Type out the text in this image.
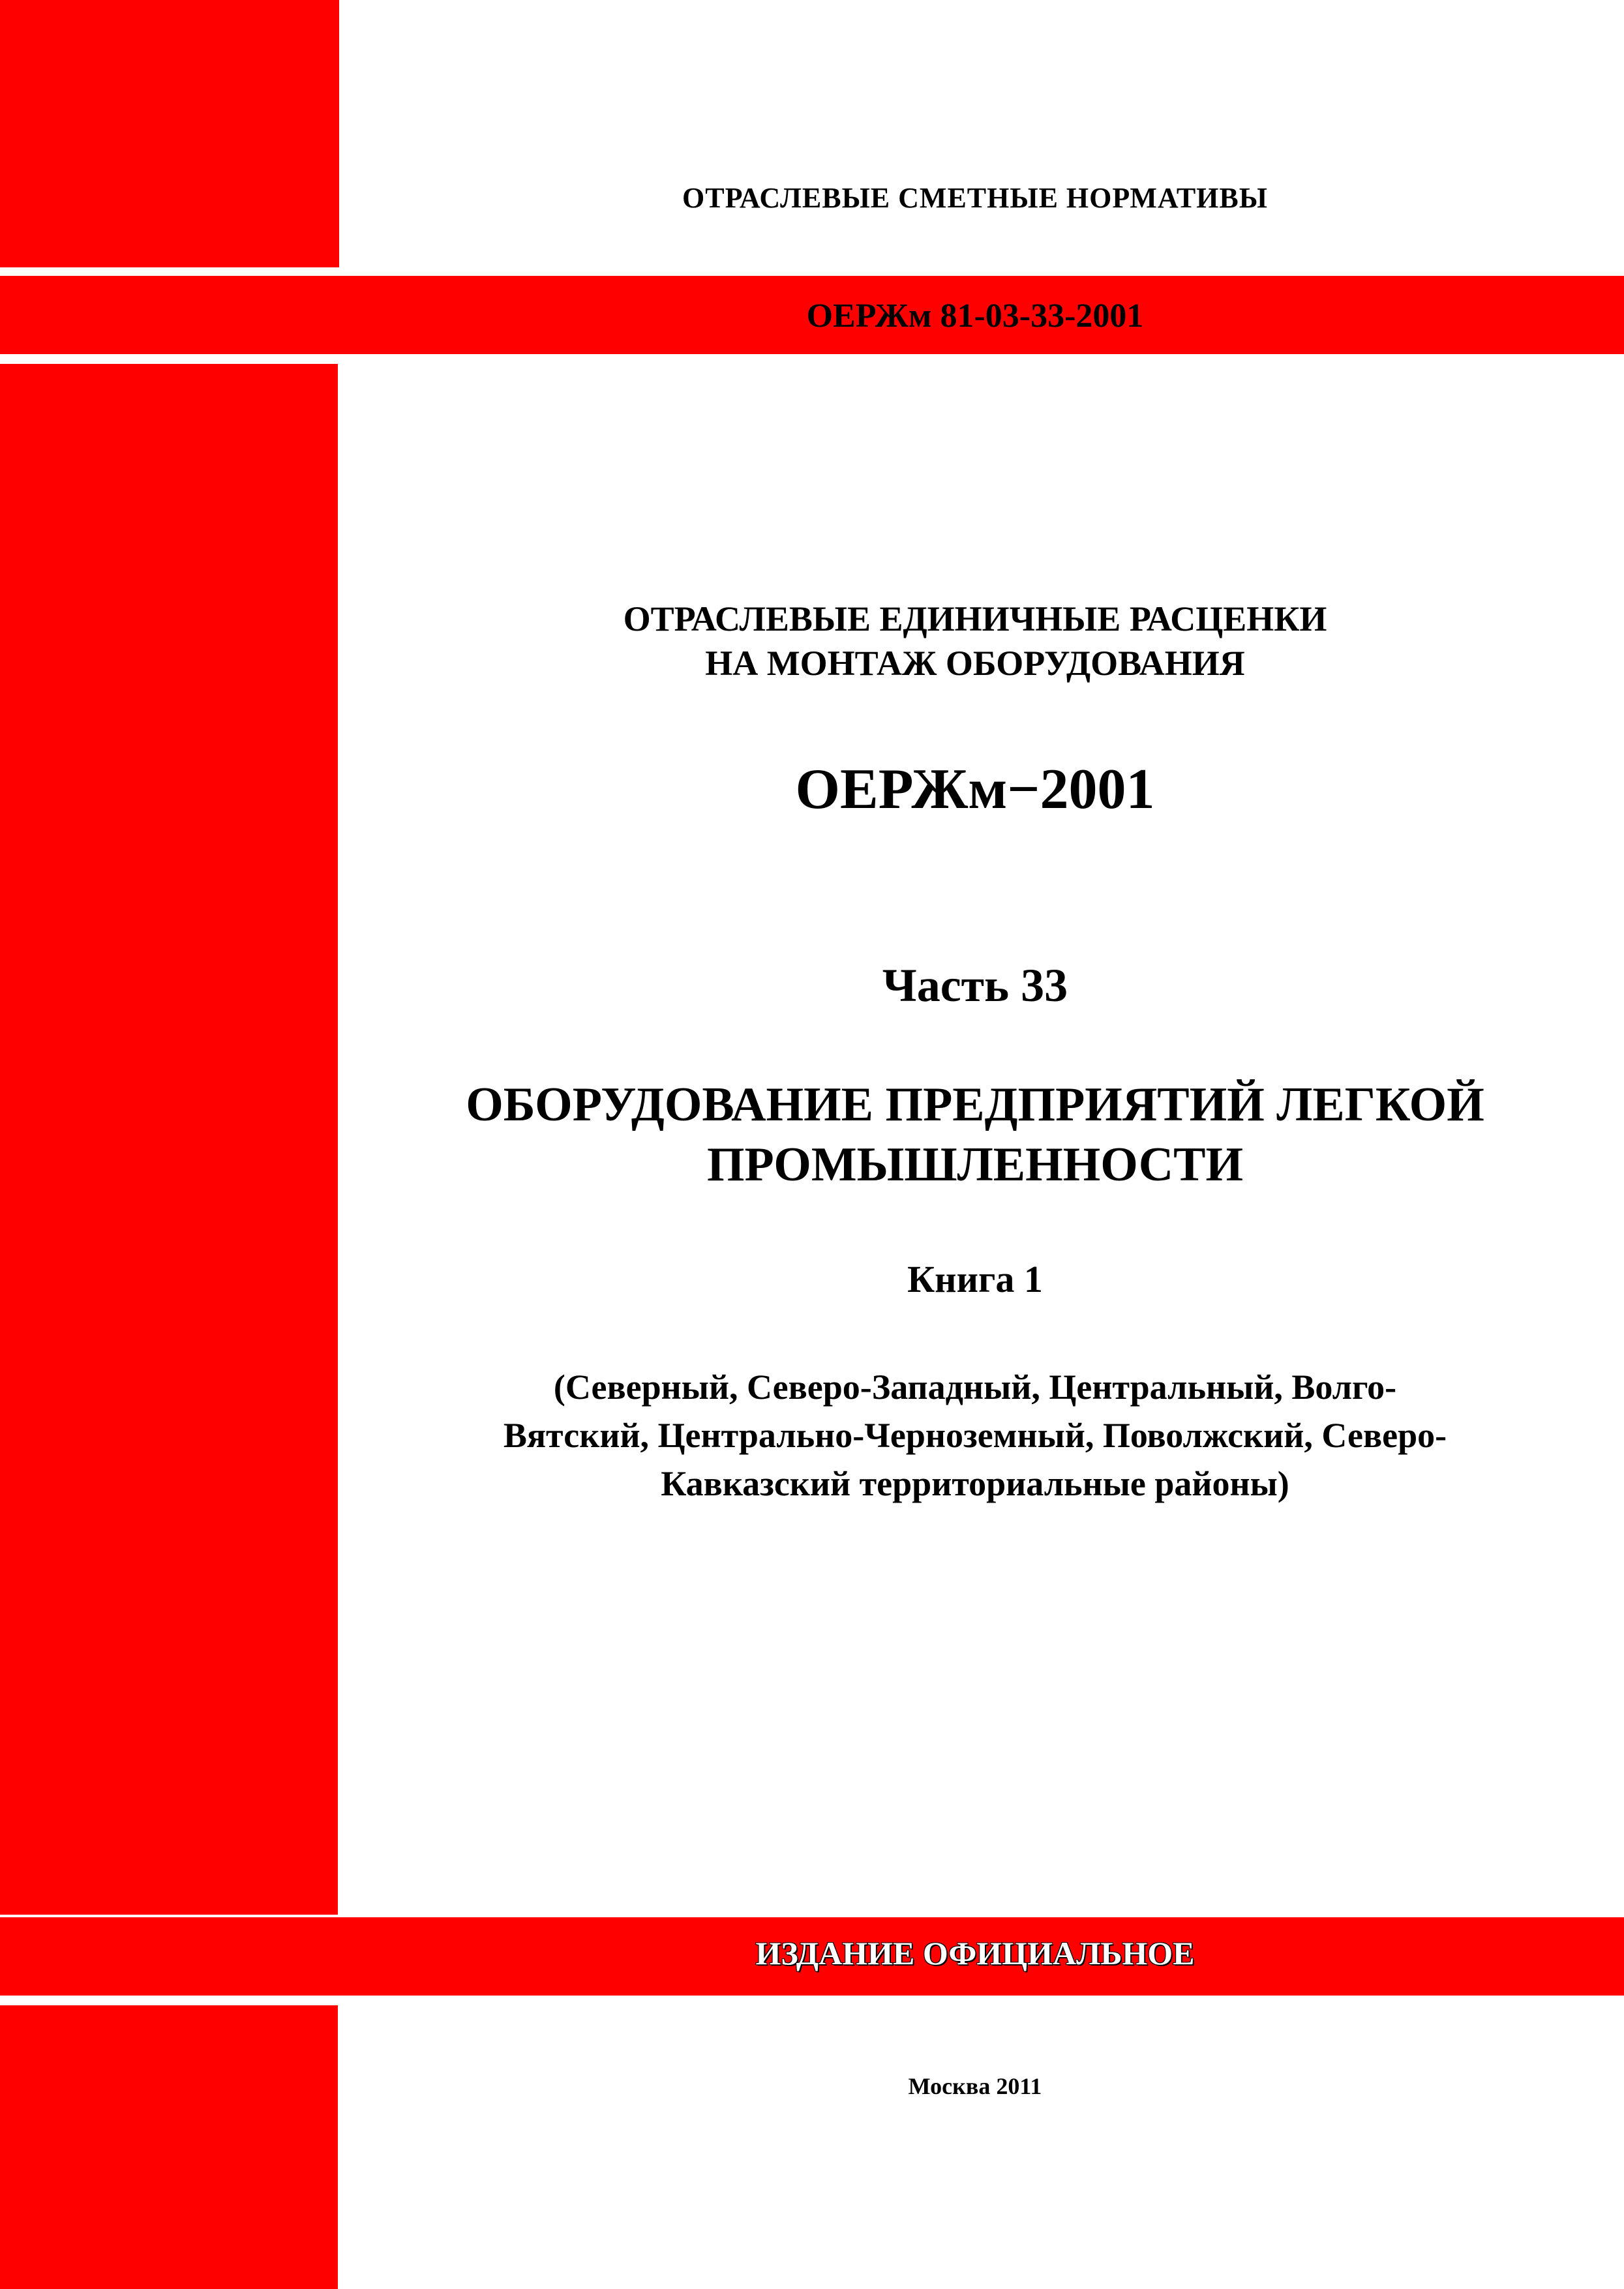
ОТРАСЛЕВЫЕ СМЕТНЫЕ НОРМАТИВЫ
ОЕРЖм 81-03-33-2001
ОТРАСЛЕВЫЕ ЕДИНИЧНЫЕ РАСЦЕНКИ
НА МОНТАЖ ОБОРУДОВАНИЯ
ОЕРЖм−2001
Часть 33
ОБОРУДОВАНИЕ ПРЕДПРИЯТИЙ ЛЕГКОЙ
ПРОМЫШЛЕННОСТИ
Книга 1
(Северный, Северо-Западный, Центральный, Волго-
Вятский, Центрально-Черноземный, Поволжский, Северо-
Кавказский территориальные районы)
ИЗДАНИЕ ОФИЦИАЛЬНОЕ
Москва 2011
